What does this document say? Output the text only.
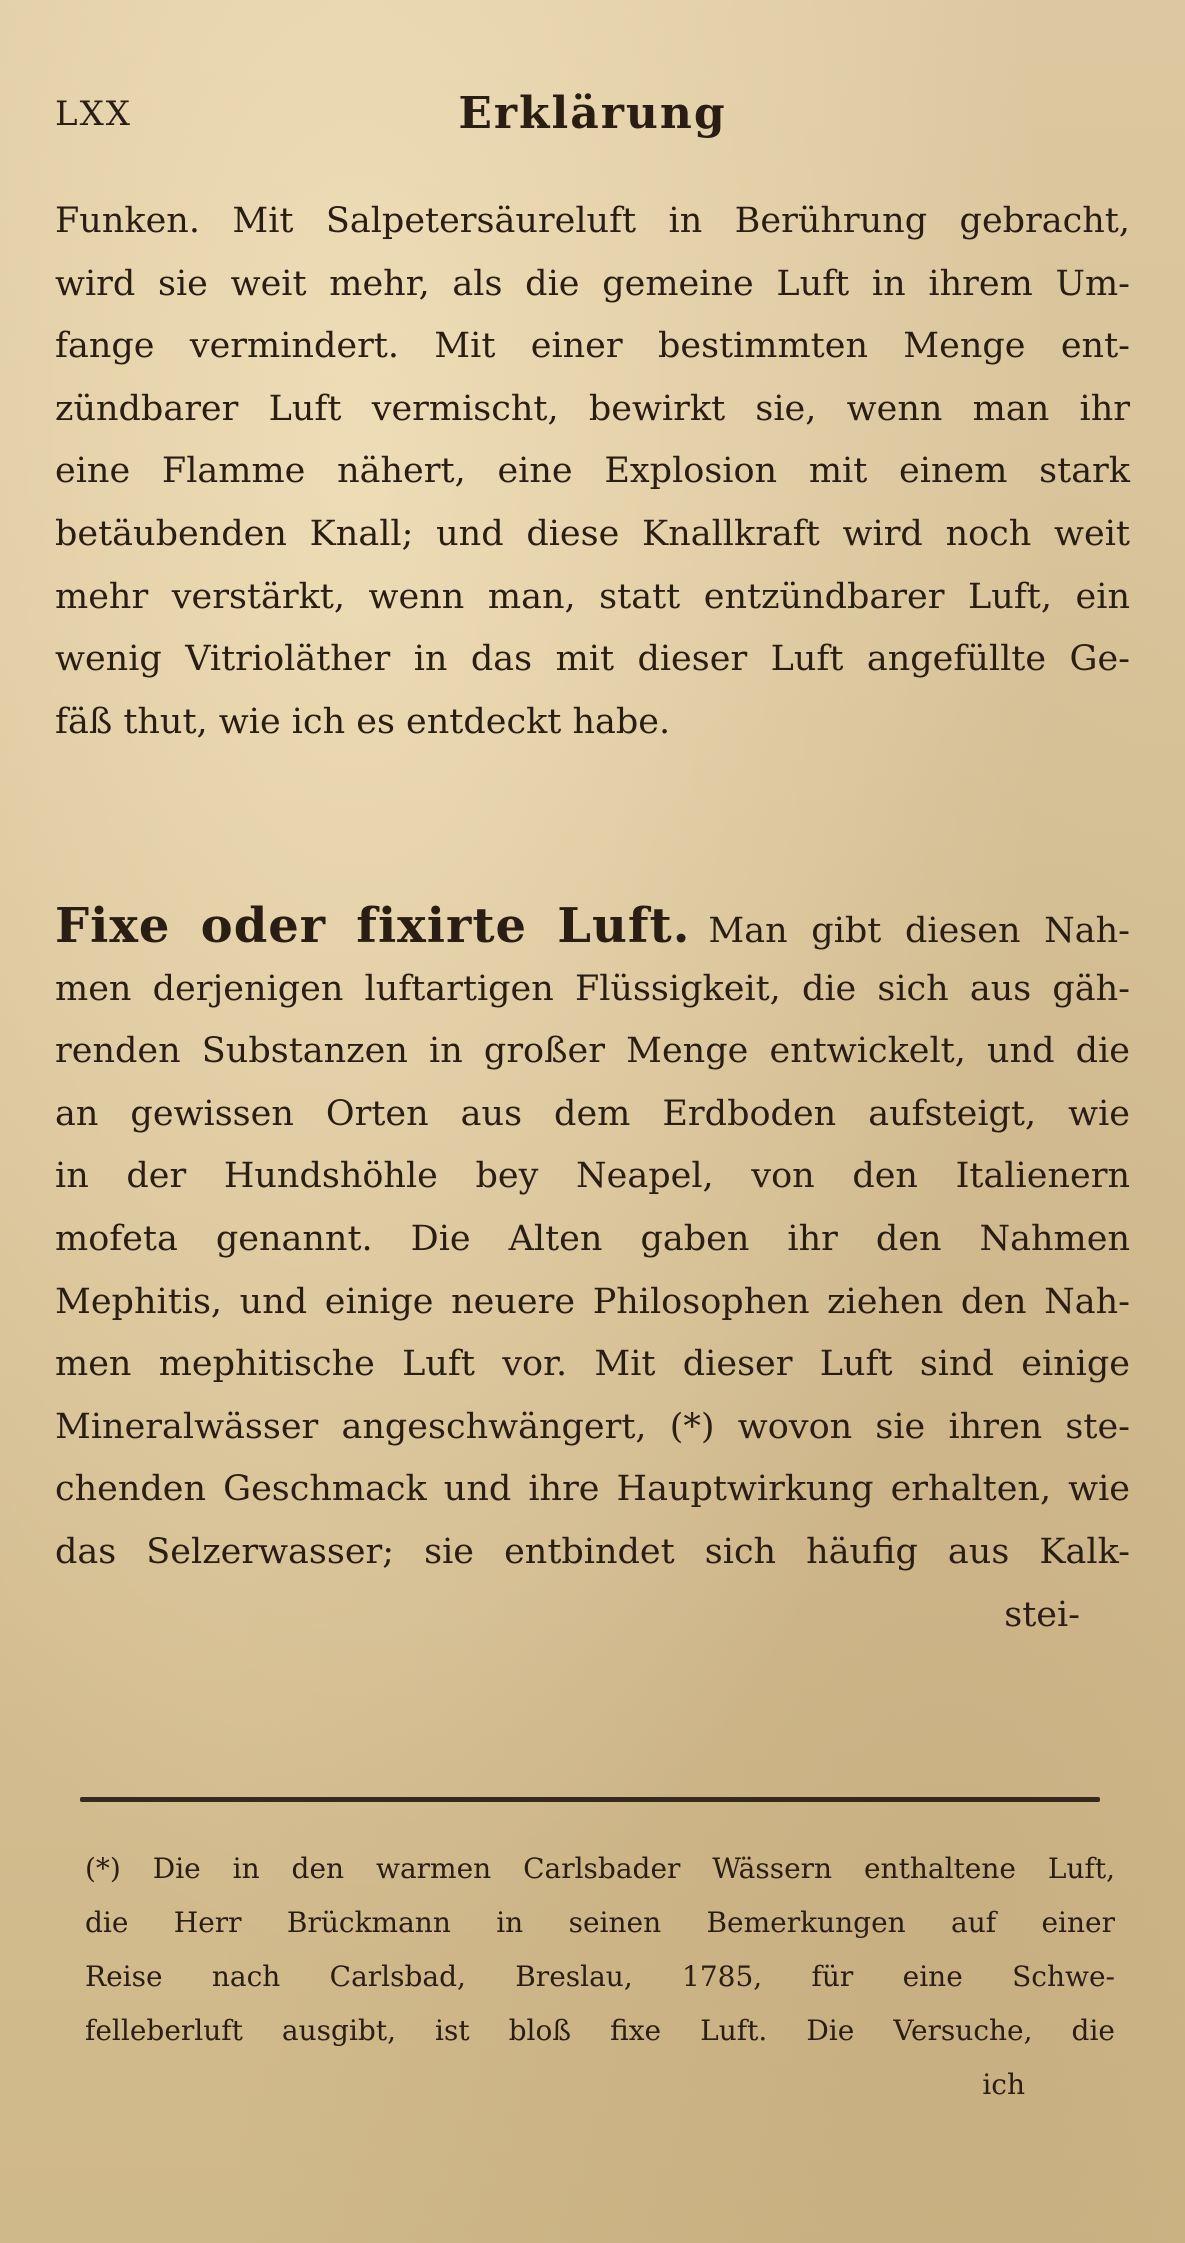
LXX	Erklärung
Funken. Mit Salpetersäureluft in Berührung gebracht,
wird sie weit mehr, als die gemeine Luft in ihrem Um-
fange vermindert. Mit einer bestimmten Menge ent-
zündbarer Luft vermischt, bewirkt sie, wenn man ihr
eine Flamme nähert, eine Explosion mit einem stark
betäubenden Knall; und diese Knallkraft wird noch weit
mehr verstärkt, wenn man, statt entzündbarer Luft, ein
wenig Vitrioläther in das mit dieser Luft angefüllte Ge-
fäß thut, wie ich es entdeckt habe.
Fixe oder fixirte Luft. Man gibt diesen Nah-
men derjenigen luftartigen Flüssigkeit, die sich aus gäh-
renden Substanzen in großer Menge entwickelt, und die
an gewissen Orten aus dem Erdboden aufsteigt, wie
in der Hundshöhle bey Neapel, von den Italienern
mofeta genannt. Die Alten gaben ihr den Nahmen
Mephitis, und einige neuere Philosophen ziehen den Nah-
men mephitische Luft vor. Mit dieser Luft sind einige
Mineralwässer angeschwängert, (*) wovon sie ihren ste-
chenden Geschmack und ihre Hauptwirkung erhalten, wie
das Selzerwasser; sie entbindet sich häufig aus Kalk-
stei-
(*) Die in den warmen Carlsbader Wässern enthaltene Luft,
die Herr Brückmann in seinen Bemerkungen auf einer
Reise nach Carlsbad, Breslau, 1785, für eine Schwe-
felleberluft ausgibt, ist bloß fixe Luft. Die Versuche, die
ich
